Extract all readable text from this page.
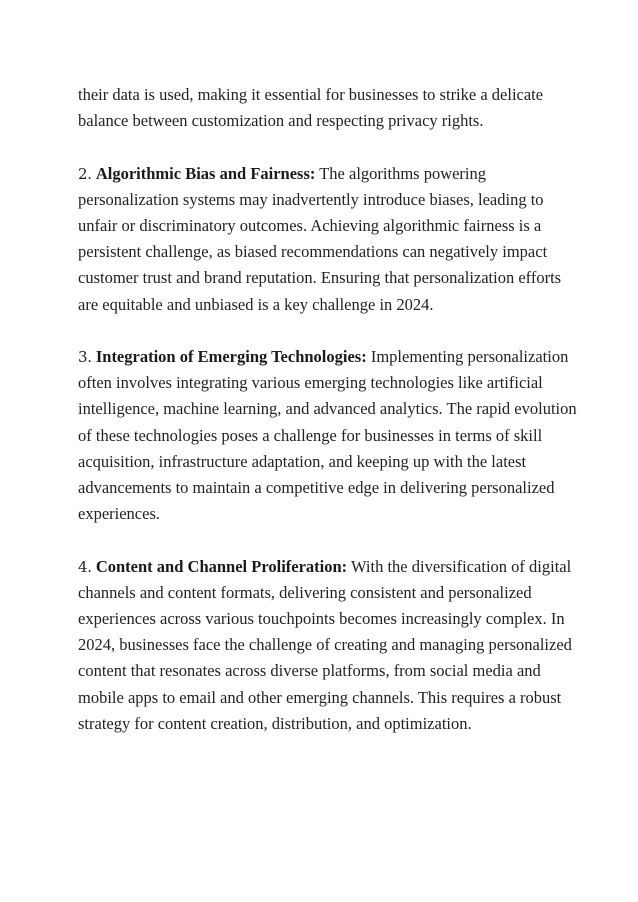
their data is used, making it essential for businesses to strike a delicate balance between customization and respecting privacy rights.

2. Algorithmic Bias and Fairness: The algorithms powering personalization systems may inadvertently introduce biases, leading to unfair or discriminatory outcomes. Achieving algorithmic fairness is a persistent challenge, as biased recommendations can negatively impact customer trust and brand reputation. Ensuring that personalization efforts are equitable and unbiased is a key challenge in 2024.

3. Integration of Emerging Technologies: Implementing personalization often involves integrating various emerging technologies like artificial intelligence, machine learning, and advanced analytics. The rapid evolution of these technologies poses a challenge for businesses in terms of skill acquisition, infrastructure adaptation, and keeping up with the latest advancements to maintain a competitive edge in delivering personalized experiences.

4. Content and Channel Proliferation: With the diversification of digital channels and content formats, delivering consistent and personalized experiences across various touchpoints becomes increasingly complex. In 2024, businesses face the challenge of creating and managing personalized content that resonates across diverse platforms, from social media and mobile apps to email and other emerging channels. This requires a robust strategy for content creation, distribution, and optimization.
